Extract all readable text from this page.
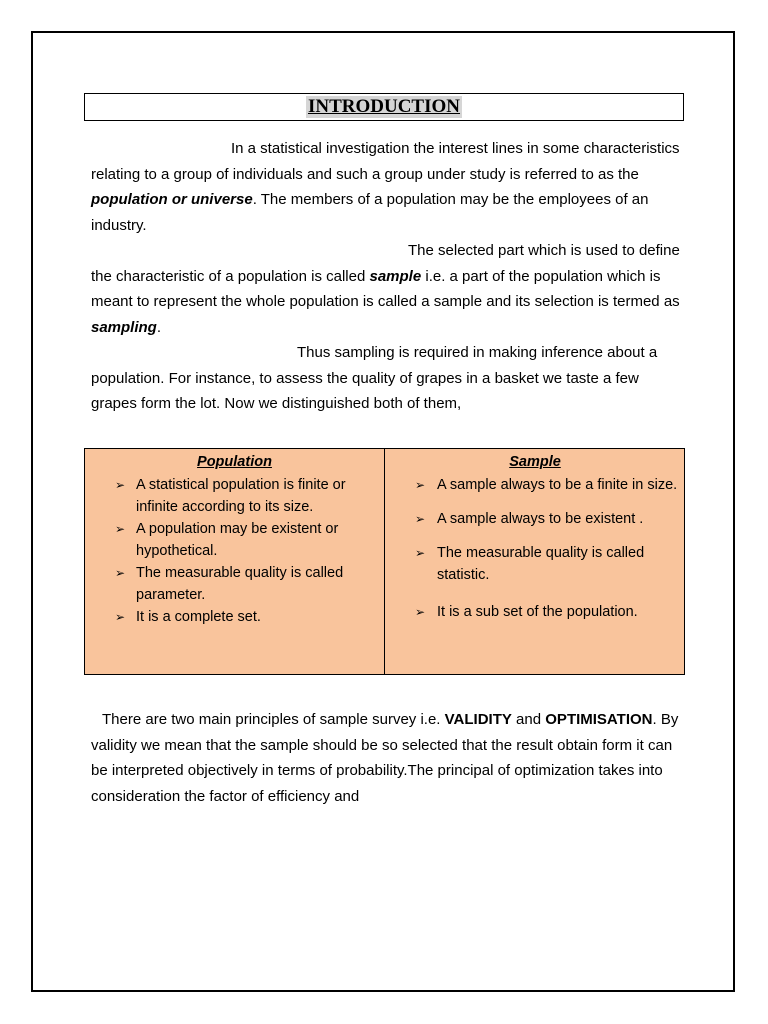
INTRODUCTION

In a statistical investigation the interest lines in some characteristics relating to a group of individuals and such a group under study is referred to as the population or universe. The members of a population may be the employees of an industry.

The selected part which is used to define the characteristic of a population is called sample i.e. a part of the population which is meant to represent the whole population is called a sample and its selection is termed as sampling.

Thus sampling is required in making inference about a population. For instance, to assess the quality of grapes in a basket we taste a few grapes form the lot. Now we distinguished both of them,

Population
➢ A statistical population is finite or infinite according to its size.
➢ A population may be existent or hypothetical.
➢ The measurable quality is called parameter.
➢ It is a complete set.
Sample
➢ A sample always to be a finite in size.
➢ A sample always to be existent .
➢ The measurable quality is called statistic.
➢ It is a sub set of the population.

There are two main principles of sample survey i.e. VALIDITY and OPTIMISATION. By validity we mean that the sample should be so selected that the result obtain form it can be interpreted objectively in terms of probability.The principal of optimization takes into consideration the factor of efficiency and
